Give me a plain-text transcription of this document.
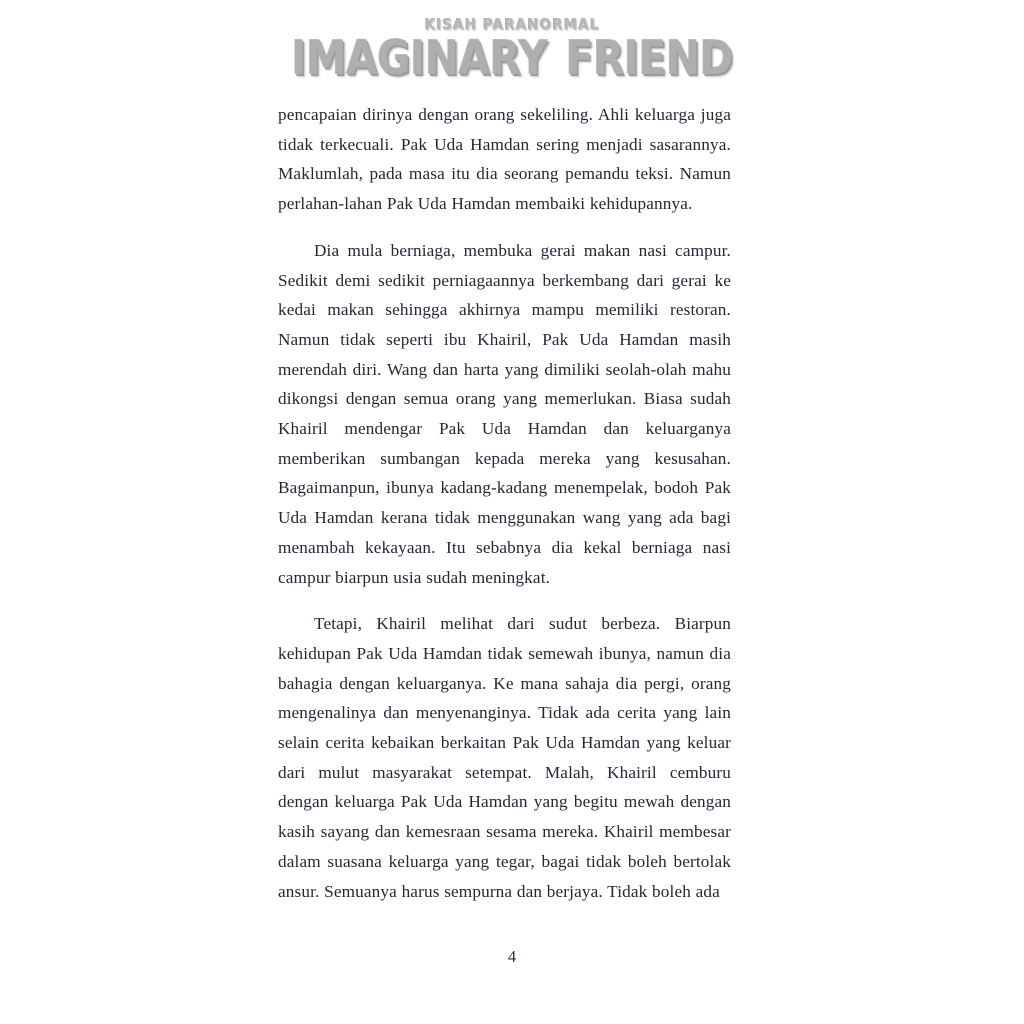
KISAH PARANORMAL
IMAGINARY FRIEND

pencapaian dirinya dengan orang sekeliling. Ahli keluarga juga tidak terkecuali. Pak Uda Hamdan sering menjadi sasarannya. Maklumlah, pada masa itu dia seorang pemandu teksi. Namun perlahan-lahan Pak Uda Hamdan membaiki kehidupannya.

Dia mula berniaga, membuka gerai makan nasi campur. Sedikit demi sedikit perniagaannya berkembang dari gerai ke kedai makan sehingga akhirnya mampu memiliki restoran. Namun tidak seperti ibu Khairil, Pak Uda Hamdan masih merendah diri. Wang dan harta yang dimiliki seolah-olah mahu dikongsi dengan semua orang yang memerlukan. Biasa sudah Khairil mendengar Pak Uda Hamdan dan keluarganya memberikan sumbangan kepada mereka yang kesusahan. Bagaimanpun, ibunya kadang-kadang menempelak, bodoh Pak Uda Hamdan kerana tidak menggunakan wang yang ada bagi menambah kekayaan. Itu sebabnya dia kekal berniaga nasi campur biarpun usia sudah meningkat.

Tetapi, Khairil melihat dari sudut berbeza. Biarpun kehidupan Pak Uda Hamdan tidak semewah ibunya, namun dia bahagia dengan keluarganya. Ke mana sahaja dia pergi, orang mengenalinya dan menyenanginya. Tidak ada cerita yang lain selain cerita kebaikan berkaitan Pak Uda Hamdan yang keluar dari mulut masyarakat setempat. Malah, Khairil cemburu dengan keluarga Pak Uda Hamdan yang begitu mewah dengan kasih sayang dan kemesraan sesama mereka. Khairil membesar dalam suasana keluarga yang tegar, bagai tidak boleh bertolak ansur. Semuanya harus sempurna dan berjaya. Tidak boleh ada

4
